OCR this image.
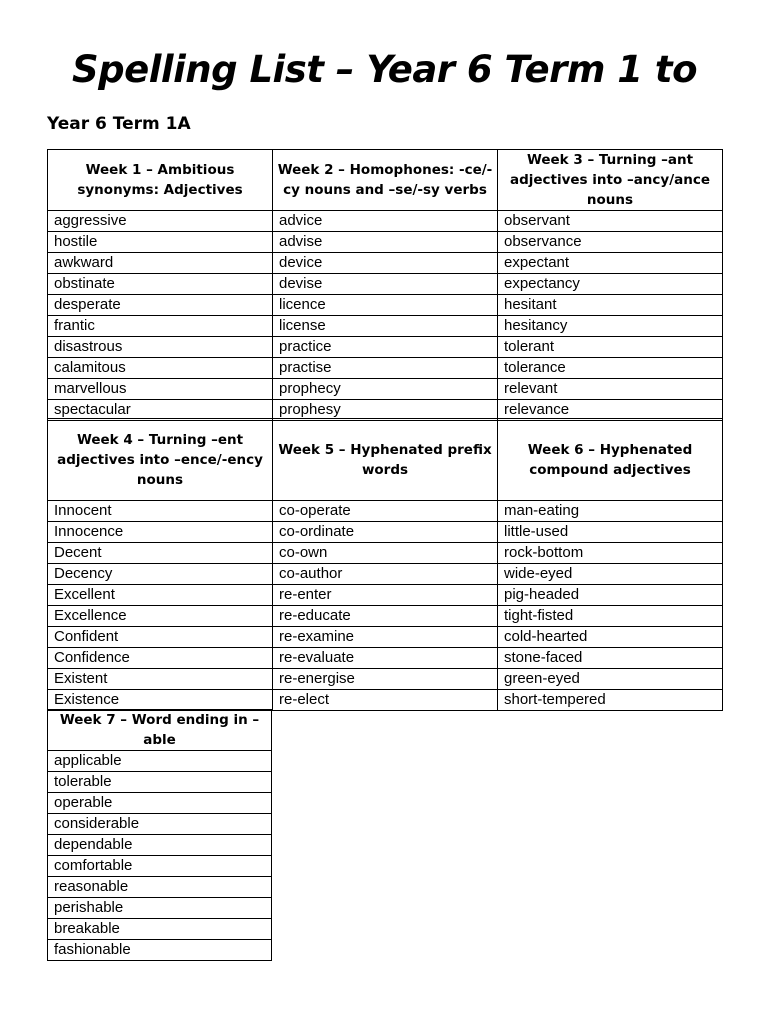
Spelling List – Year 6 Term 1 to
Year 6 Term 1A
Week 1 – Ambitious synonyms: Adjectives	Week 2 – Homophones: -ce/-cy nouns and –se/-sy verbs	Week 3 – Turning –ant adjectives into –ancy/ance nouns
aggressive	advice	observant
hostile	advise	observance
awkward	device	expectant
obstinate	devise	expectancy
desperate	licence	hesitant
frantic	license	hesitancy
disastrous	practice	tolerant
calamitous	practise	tolerance
marvellous	prophecy	relevant
spectacular	prophesy	relevance
Week 4 – Turning –ent adjectives into –ence/-ency nouns	Week 5 – Hyphenated prefix words	Week 6 – Hyphenated compound adjectives
Innocent	co-operate	man-eating
Innocence	co-ordinate	little-used
Decent	co-own	rock-bottom
Decency	co-author	wide-eyed
Excellent	re-enter	pig-headed
Excellence	re-educate	tight-fisted
Confident	re-examine	cold-hearted
Confidence	re-evaluate	stone-faced
Existent	re-energise	green-eyed
Existence	re-elect	short-tempered
Week 7 – Word ending in – able
applicable
tolerable
operable
considerable
dependable
comfortable
reasonable
perishable
breakable
fashionable
